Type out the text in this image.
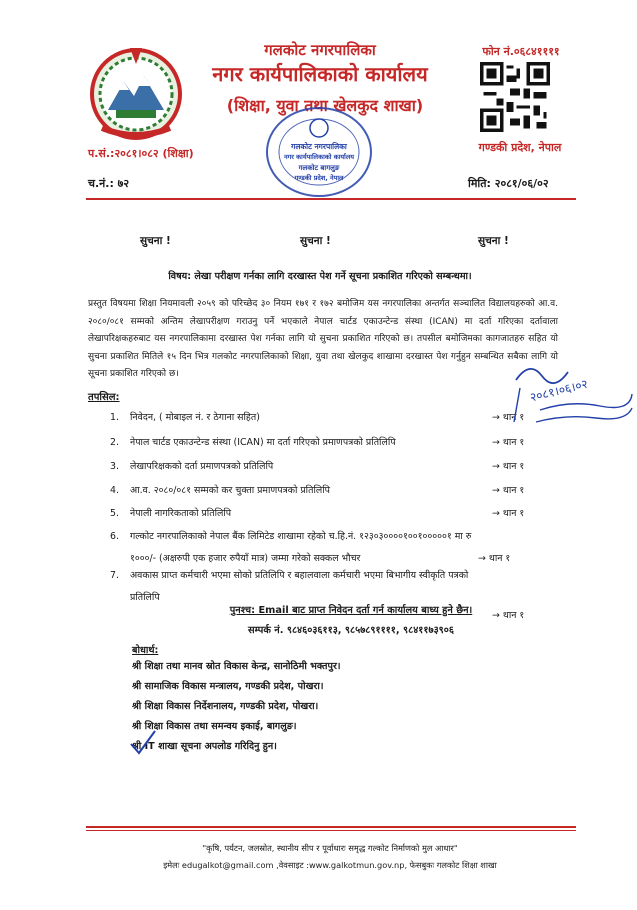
गलकोट नगरपालिका
नगर कार्यपालिकाको कार्यालय
(शिक्षा, युवा तथा खेलकुद शाखा)
फोन नं.०६८४११११
गण्डकी प्रदेश, नेपाल
प.सं.:२०८१।०८२ (शिक्षा)
च.नं.: ७२	मिति: २०८१/०६/०२
गलकोट नगरपालिका
नगर कार्यपालिकाको कार्यालय
गलकोट बागलुङ
गण्डकी प्रदेश, नेपाल
सुचना !	सुचना !	सुचना !
विषय: लेखा परीक्षण गर्नका लागि दरखास्त पेश गर्ने सूचना प्रकाशित गरिएको सम्बन्धमा।
प्रस्तुत विषयमा शिक्षा नियमावली २०५९ को परिच्छेद ३० नियम १७१ र १७२ बमोजिम यस नगरपालिका अन्तर्गत सञ्चालित विद्यालयहरुको आ.व. २०८०/०८१ सम्मको अन्तिम लेखापरीक्षण गराउनु पर्ने भएकाले नेपाल चार्टड एकाउन्टेन्ड संस्था (ICAN) मा दर्ता गरिएका दर्तावाला लेखापरिक्षकहरुबाट यस नगरपालिकामा दरखास्त पेश गर्नका लागि यो सुचना प्रकाशित गरिएको छ। तपसील बमोजिमका कागजातहरु सहित यो सुचना प्रकाशित मितिले १५ दिन भित्र गलकोट नगरपालिकाको शिक्षा, युवा तथा खेलकुद शाखामा दरखास्त पेश गर्नुहुन सम्बन्धित सबैका लागि यो सूचना प्रकाशित गरिएको छ।
तपसिल:
1. निवेदन, ( मोबाइल नं. र ठेगाना सहित)	→ थान १
2. नेपाल चार्टड एकाउन्टेन्ड संस्था (ICAN) मा दर्ता गरिएको प्रमाणपत्रको प्रतिलिपि	→ थान १
3. लेखापरिक्षकको दर्ता प्रमाणपत्रको प्रतिलिपि	→ थान १
4. आ.व. २०८०/०८१ सम्मको कर चुक्ता प्रमाणपत्रको प्रतिलिपि	→ थान १
5. नेपाली नागरिकताको प्रतिलिपि	→ थान १
6. गल्कोट नगरपालिकाको नेपाल बैंक लिमिटेड शाखामा रहेको च.हि.नं. १२३०३००००१००१०००००१ मा रु
१०००/- (अक्षरुपी एक हजार रुपैयाँ मात्र) जम्मा गरेको सक्कल भौचर	→ थान १
7. अवकास प्राप्त कर्मचारी भएमा सोको प्रतिलिपि र बहालवाला कर्मचारी भएमा बिभागीय स्वीकृति पत्रको
प्रतिलिपि
→ थान १
पुनश्च: Email बाट प्राप्त निवेदन दर्ता गर्न कार्यालय बाध्य हुने छैन।
सम्पर्क नं. ९८४६०३६११३, ९८५७८९११११, ९८४११७३९०६
बोधार्थ:
श्री शिक्षा तथा मानव स्रोत विकास केन्द्र, सानोठिमी भक्तपुर।
श्री सामाजिक विकास मन्त्रालय, गण्डकी प्रदेश, पोखरा।
श्री शिक्षा विकास निर्देशनालय, गण्डकी प्रदेश, पोखरा।
श्री शिक्षा विकास तथा समन्वय इकाई, बागलुङ।
श्री IT शाखा सूचना अपलोड गरिदिनु हुन।
२०८१।०६।०२
"कृषि, पर्यटन, जलस्रोत, स्थानीय सीप र पूर्वाधारः समृद्ध गल्कोट निर्माणको मुल आधार"
इमेलः edugalkot@gmail.com ,वेवसाइट :www.galkotmun.gov.np, फेसबुकः गलकोट शिक्षा शाखा
